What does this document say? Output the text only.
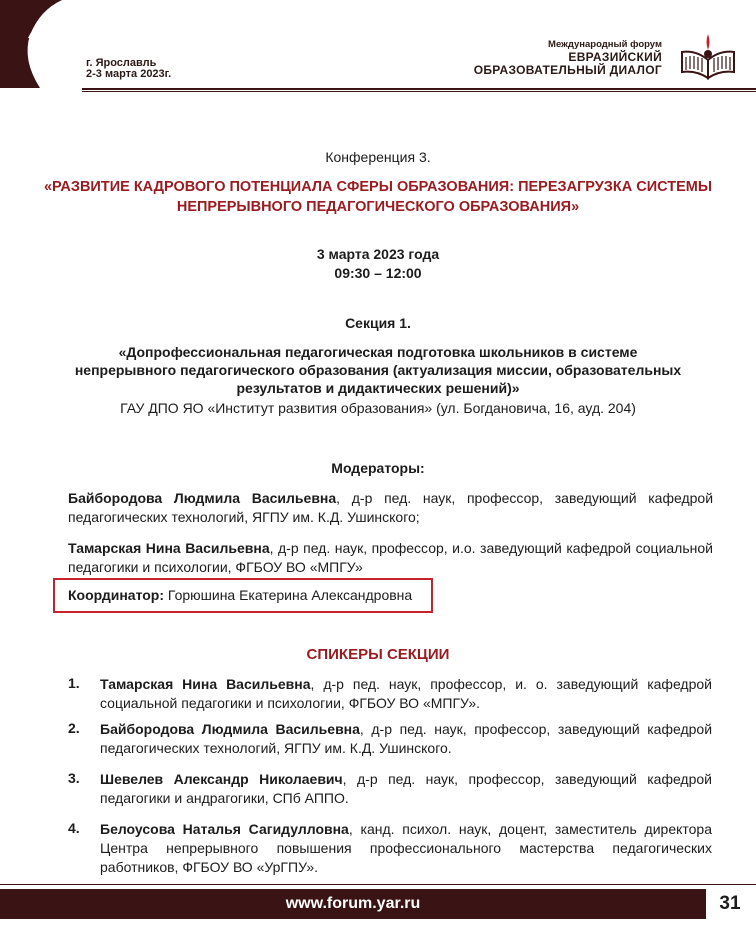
г. Ярославль
2-3 марта 2023г.
Международный форум
ЕВРАЗИЙСКИЙ
ОБРАЗОВАТЕЛЬНЫЙ ДИАЛОГ
Конференция 3.
«РАЗВИТИЕ КАДРОВОГО ПОТЕНЦИАЛА СФЕРЫ ОБРАЗОВАНИЯ: ПЕРЕЗАГРУЗКА СИСТЕМЫ
НЕПРЕРЫВНОГО ПЕДАГОГИЧЕСКОГО ОБРАЗОВАНИЯ»
3 марта 2023 года
09:30 – 12:00
Секция 1.
«Допрофессиональная педагогическая подготовка школьников в системе
непрерывного педагогического образования (актуализация миссии, образовательных
результатов и дидактических решений)»
ГАУ ДПО ЯО «Институт развития образования» (ул. Богдановича, 16, ауд. 204)
Модераторы:
Байбородова Людмила Васильевна, д-р пед. наук, профессор, заведующий кафедрой педагогических технологий, ЯГПУ им. К.Д. Ушинского;
Тамарская Нина Васильевна, д-р пед. наук, профессор, и.о. заведующий кафедрой социальной педагогики и психологии, ФГБОУ ВО «МПГУ»
Координатор: Горюшина Екатерина Александровна
СПИКЕРЫ СЕКЦИИ
1. Тамарская Нина Васильевна, д-р пед. наук, профессор, и. о. заведующий кафедрой социальной педагогики и психологии, ФГБОУ ВО «МПГУ».
2. Байбородова Людмила Васильевна, д-р пед. наук, профессор, заведующий кафедрой педагогических технологий, ЯГПУ им. К.Д. Ушинского.
3. Шевелев Александр Николаевич, д-р пед. наук, профессор, заведующий кафедрой педагогики и андрагогики, СПб АППО.
4. Белоусова Наталья Сагидулловна, канд. психол. наук, доцент, заместитель директора Центра непрерывного повышения профессионального мастерства педагогических работников, ФГБОУ ВО «УрГПУ».
www.forum.yar.ru	31
